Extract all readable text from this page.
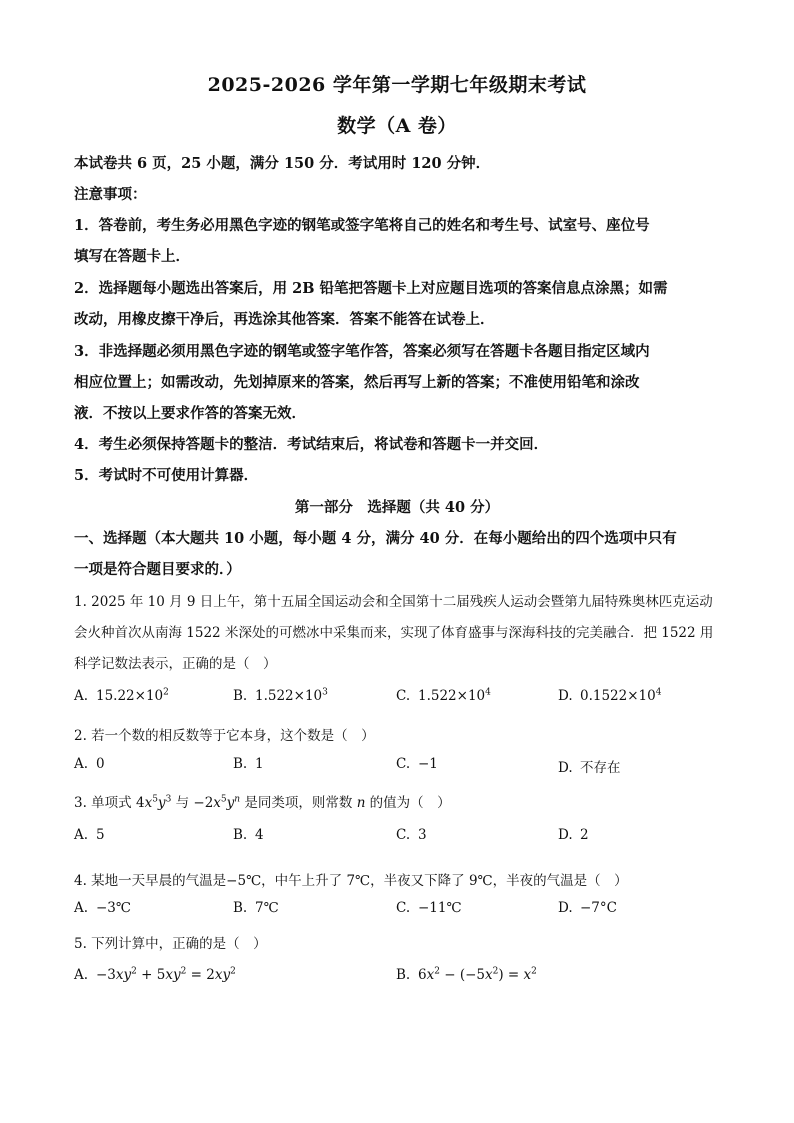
2025-2026 学年第一学期七年级期末考试
数学（A 卷）
本试卷共 6 页，25 小题，满分 150 分．考试用时 120 分钟．
注意事项：
1．答卷前，考生务必用黑色字迹的钢笔或签字笔将自己的姓名和考生号、试室号、座位号
填写在答题卡上．
2．选择题每小题选出答案后，用 2B 铅笔把答题卡上对应题目选项的答案信息点涂黑；如需
改动，用橡皮擦干净后，再选涂其他答案．答案不能答在试卷上．
3．非选择题必须用黑色字迹的钢笔或签字笔作答，答案必须写在答题卡各题目指定区域内
相应位置上；如需改动，先划掉原来的答案，然后再写上新的答案；不准使用铅笔和涂改
液．不按以上要求作答的答案无效．
4．考生必须保持答题卡的整洁．考试结束后，将试卷和答题卡一并交回．
5．考试时不可使用计算器．
第一部分　选择题（共 40 分）
一、选择题（本大题共 10 小题，每小题 4 分，满分 40 分．在每小题给出的四个选项中只有
一项是符合题目要求的．）
1. 2025 年 10 月 9 日上午，第十五届全国运动会和全国第十二届残疾人运动会暨第九届特殊奥林匹克运动
会火种首次从南海 1522 米深处的可燃冰中采集而来，实现了体育盛事与深海科技的完美融合．把 1522 用
科学记数法表示，正确的是（　）
A. $15.22\times 10^2$	B. $1.522\times 10^3$	C. $1.522\times 10^4$	D. $0.1522\times 10^4$
2. 若一个数的相反数等于它本身，这个数是（　）
A. 0	B. 1	C. −1	D. 不存在
3. 单项式 $4x^5y^3$ 与 $-2x^5y^n$ 是同类项，则常数 n 的值为（　）
A. 5	B. 4	C. 3	D. 2
4. 某地一天早晨的气温是−5℃，中午上升了 7℃，半夜又下降了 9℃，半夜的气温是（　）
A. −3℃	B. 7℃	C. −11℃	D. −7°C
5. 下列计算中，正确的是（　）
A. $-3xy^2 + 5xy^2 = 2xy^2$	B. $6x^2 - (-5x^2) = x^2$
